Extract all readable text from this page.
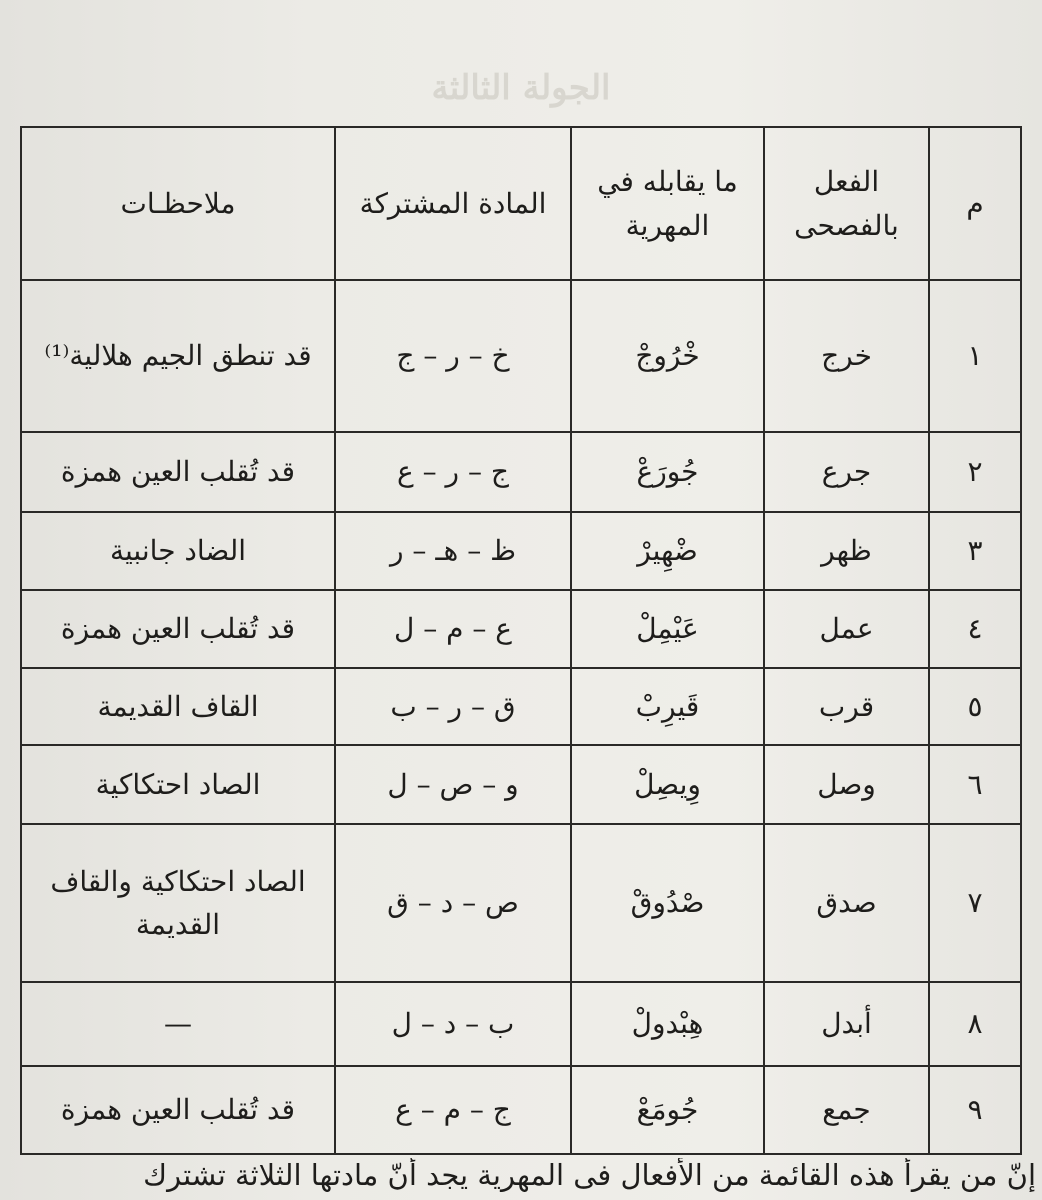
الجولة الثالثة
م	الفعل بالفصحى	ما يقابله في المهرية	المادة المشتركة	ملاحظـات
١	خرج	خْرُوجْ	خ – ر – ج	قد تنطق الجيم هلالية⁽¹⁾
٢	جرع	جُورَعْ	ج – ر – ع	قد تُقلب العين همزة
٣	ظهر	ضْهِيرْ	ظ – هـ – ر	الضاد جانبية
٤	عمل	عَيْمِلْ	ع – م – ل	قد تُقلب العين همزة
٥	قرب	قَيرِبْ	ق – ر – ب	القاف القديمة
٦	وصل	وِيصِلْ	و – ص – ل	الصاد احتكاكية
٧	صدق	صْدُوقْ	ص – د – ق	الصاد احتكاكية والقاف القديمة
٨	أبدل	هِبْدولْ	ب – د – ل	—
٩	جمع	جُومَعْ	ج – م – ع	قد تُقلب العين همزة
إنّ من يقرأ هذه القائمة من الأفعال فى المهرية يجد أنّ مادتها الثلاثة تشترك
